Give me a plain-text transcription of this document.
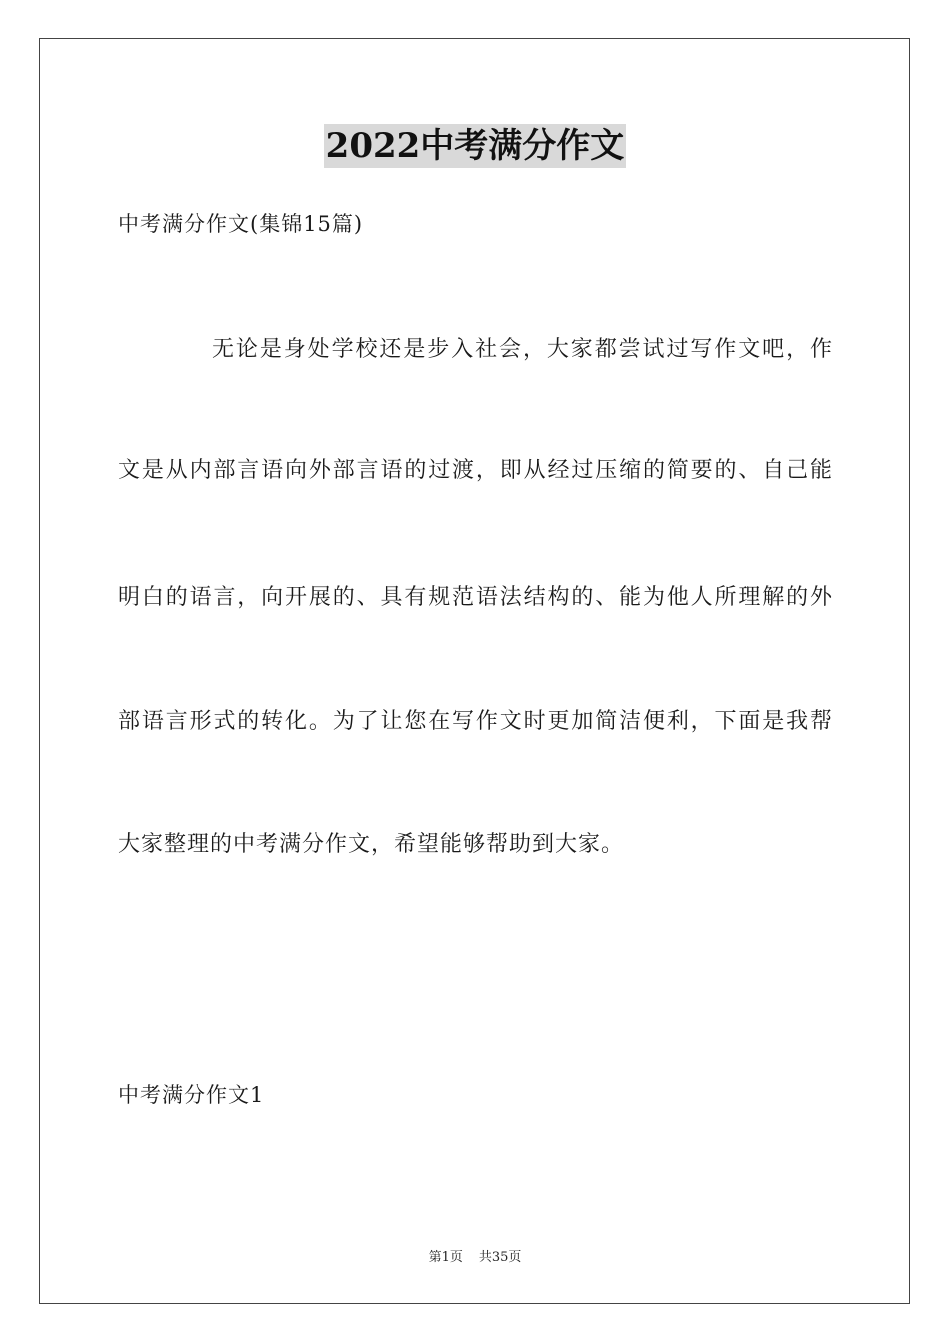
2022中考满分作文
中考满分作文(集锦15篇)
无论是身处学校还是步入社会，大家都尝试过写作文吧，作
文是从内部言语向外部言语的过渡，即从经过压缩的简要的、自己能
明白的语言，向开展的、具有规范语法结构的、能为他人所理解的外
部语言形式的转化。为了让您在写作文时更加简洁便利，下面是我帮
大家整理的中考满分作文，希望能够帮助到大家。
中考满分作文1
第1页 共35页
